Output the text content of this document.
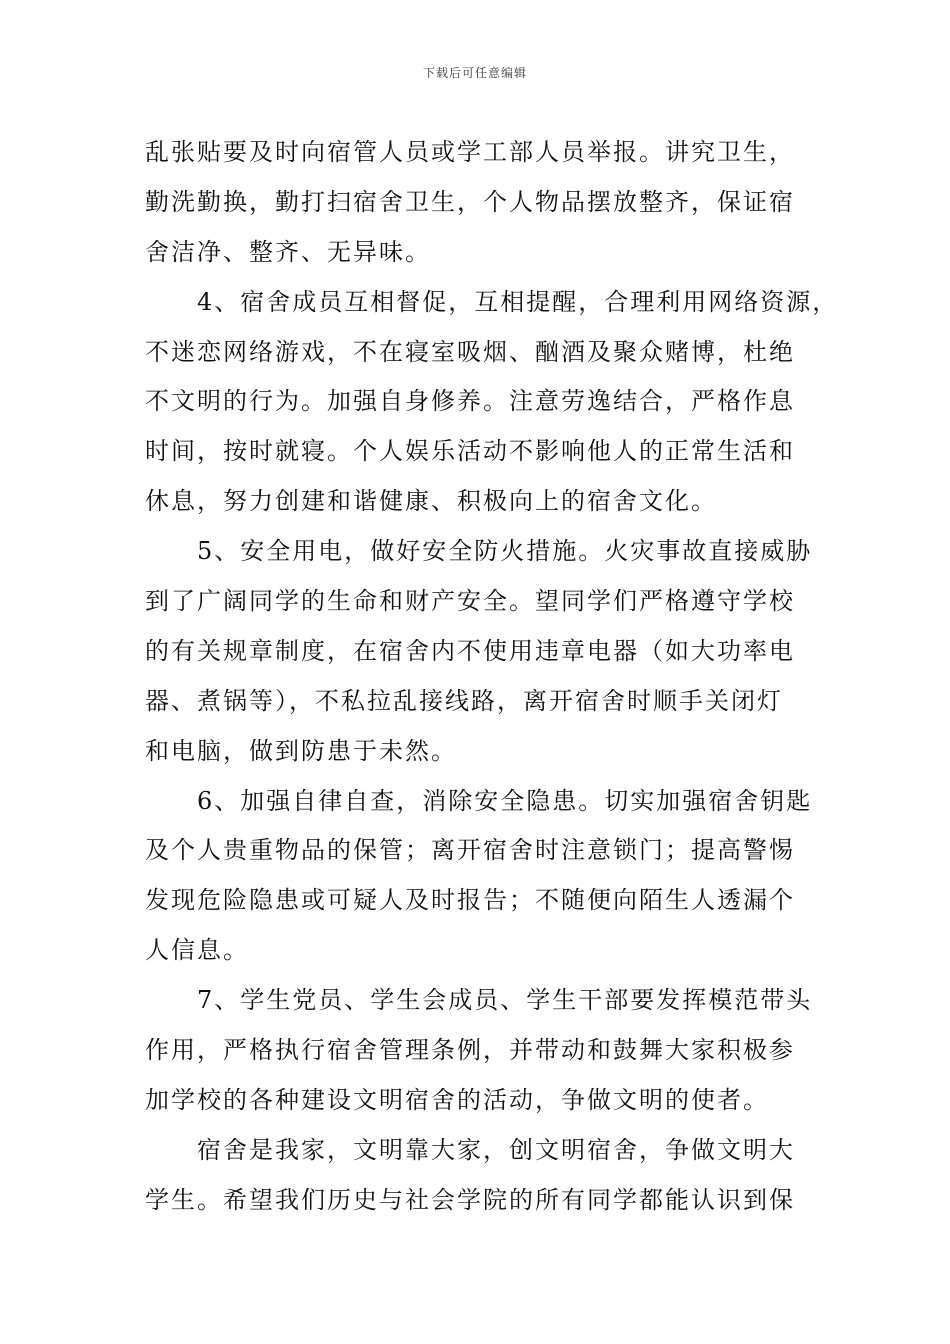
下载后可任意编辑
乱张贴要及时向宿管人员或学工部人员举报。讲究卫生，
勤洗勤换，勤打扫宿舍卫生，个人物品摆放整齐，保证宿
舍洁净、整齐、无异味。
4、宿舍成员互相督促，互相提醒，合理利用网络资源，
不迷恋网络游戏，不在寝室吸烟、酗酒及聚众赌博，杜绝
不文明的行为。加强自身修养。注意劳逸结合，严格作息
时间，按时就寝。个人娱乐活动不影响他人的正常生活和
休息，努力创建和谐健康、积极向上的宿舍文化。
5、安全用电，做好安全防火措施。火灾事故直接威胁
到了广阔同学的生命和财产安全。望同学们严格遵守学校
的有关规章制度，在宿舍内不使用违章电器（如大功率电
器、煮锅等），不私拉乱接线路，离开宿舍时顺手关闭灯
和电脑，做到防患于未然。
6、加强自律自查，消除安全隐患。切实加强宿舍钥匙
及个人贵重物品的保管；离开宿舍时注意锁门；提高警惕
发现危险隐患或可疑人及时报告；不随便向陌生人透漏个
人信息。
7、学生党员、学生会成员、学生干部要发挥模范带头
作用，严格执行宿舍管理条例，并带动和鼓舞大家积极参
加学校的各种建设文明宿舍的活动，争做文明的使者。
宿舍是我家，文明靠大家，创文明宿舍，争做文明大
学生。希望我们历史与社会学院的所有同学都能认识到保
